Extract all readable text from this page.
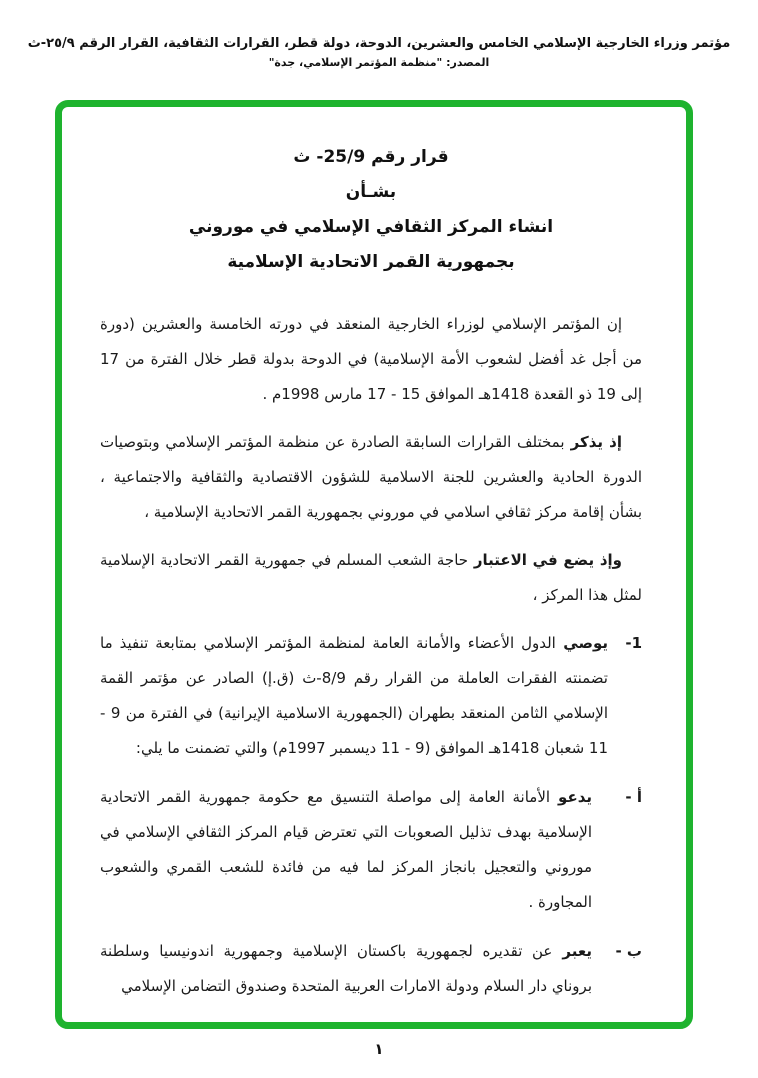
مؤتمر وزراء الخارجية الإسلامي الخامس والعشرين، الدوحة، دولة قطر، القرارات الثقافية، القرار الرقم ٢٥/٩-ث
المصدر: "منظمة المؤتمر الإسلامي، جدة"
قرار رقم 25/9- ث
بشـأن
انشاء المركز الثقافي الإسلامي في موروني
بجمهورية القمر الاتحادية الإسلامية

إن المؤتمر الإسلامي لوزراء الخارجية المنعقد في دورته الخامسة والعشرين (دورة من أجل غد أفضل لشعوب الأمة الإسلامية) في الدوحة بدولة قطر خلال الفترة من 17 إلى 19 ذو القعدة 1418هـ الموافق 15 - 17 مارس 1998م .

إذ يذكر بمختلف القرارات السابقة الصادرة عن منظمة المؤتمر الإسلامي وبتوصيات الدورة الحادية والعشرين للجنة الاسلامية للشؤون الاقتصادية والثقافية والاجتماعية ، بشأن إقامة مركز ثقافي اسلامي في موروني بجمهورية القمر الاتحادية الإسلامية ،

وإذ يضع في الاعتبار حاجة الشعب المسلم في جمهورية القمر الاتحادية الإسلامية لمثل هذا المركز ،

1-
يوصي الدول الأعضاء والأمانة العامة لمنظمة المؤتمر الإسلامي بمتابعة تنفيذ ما تضمنته الفقرات العاملة من القرار رقم 8/9-ث (ق.إ) الصادر عن مؤتمر القمة الإسلامي الثامن المنعقد بطهران (الجمهورية الاسلامية الإيرانية) في الفترة من 9 - 11 شعبان 1418هـ الموافق (9 - 11 ديسمبر 1997م) والتي تضمنت ما يلي:
أ -
يدعو الأمانة العامة إلى مواصلة التنسيق مع حكومة جمهورية القمر الاتحادية الإسلامية بهدف تذليل الصعوبات التي تعترض قيام المركز الثقافي الإسلامي في موروني والتعجيل بانجاز المركز لما فيه من فائدة للشعب القمري والشعوب المجاورة .
ب -
يعبر عن تقديره لجمهورية باكستان الإسلامية وجمهورية اندونيسيا وسلطنة بروناي دار السلام ودولة الامارات العربية المتحدة وصندوق التضامن الإسلامي
١
